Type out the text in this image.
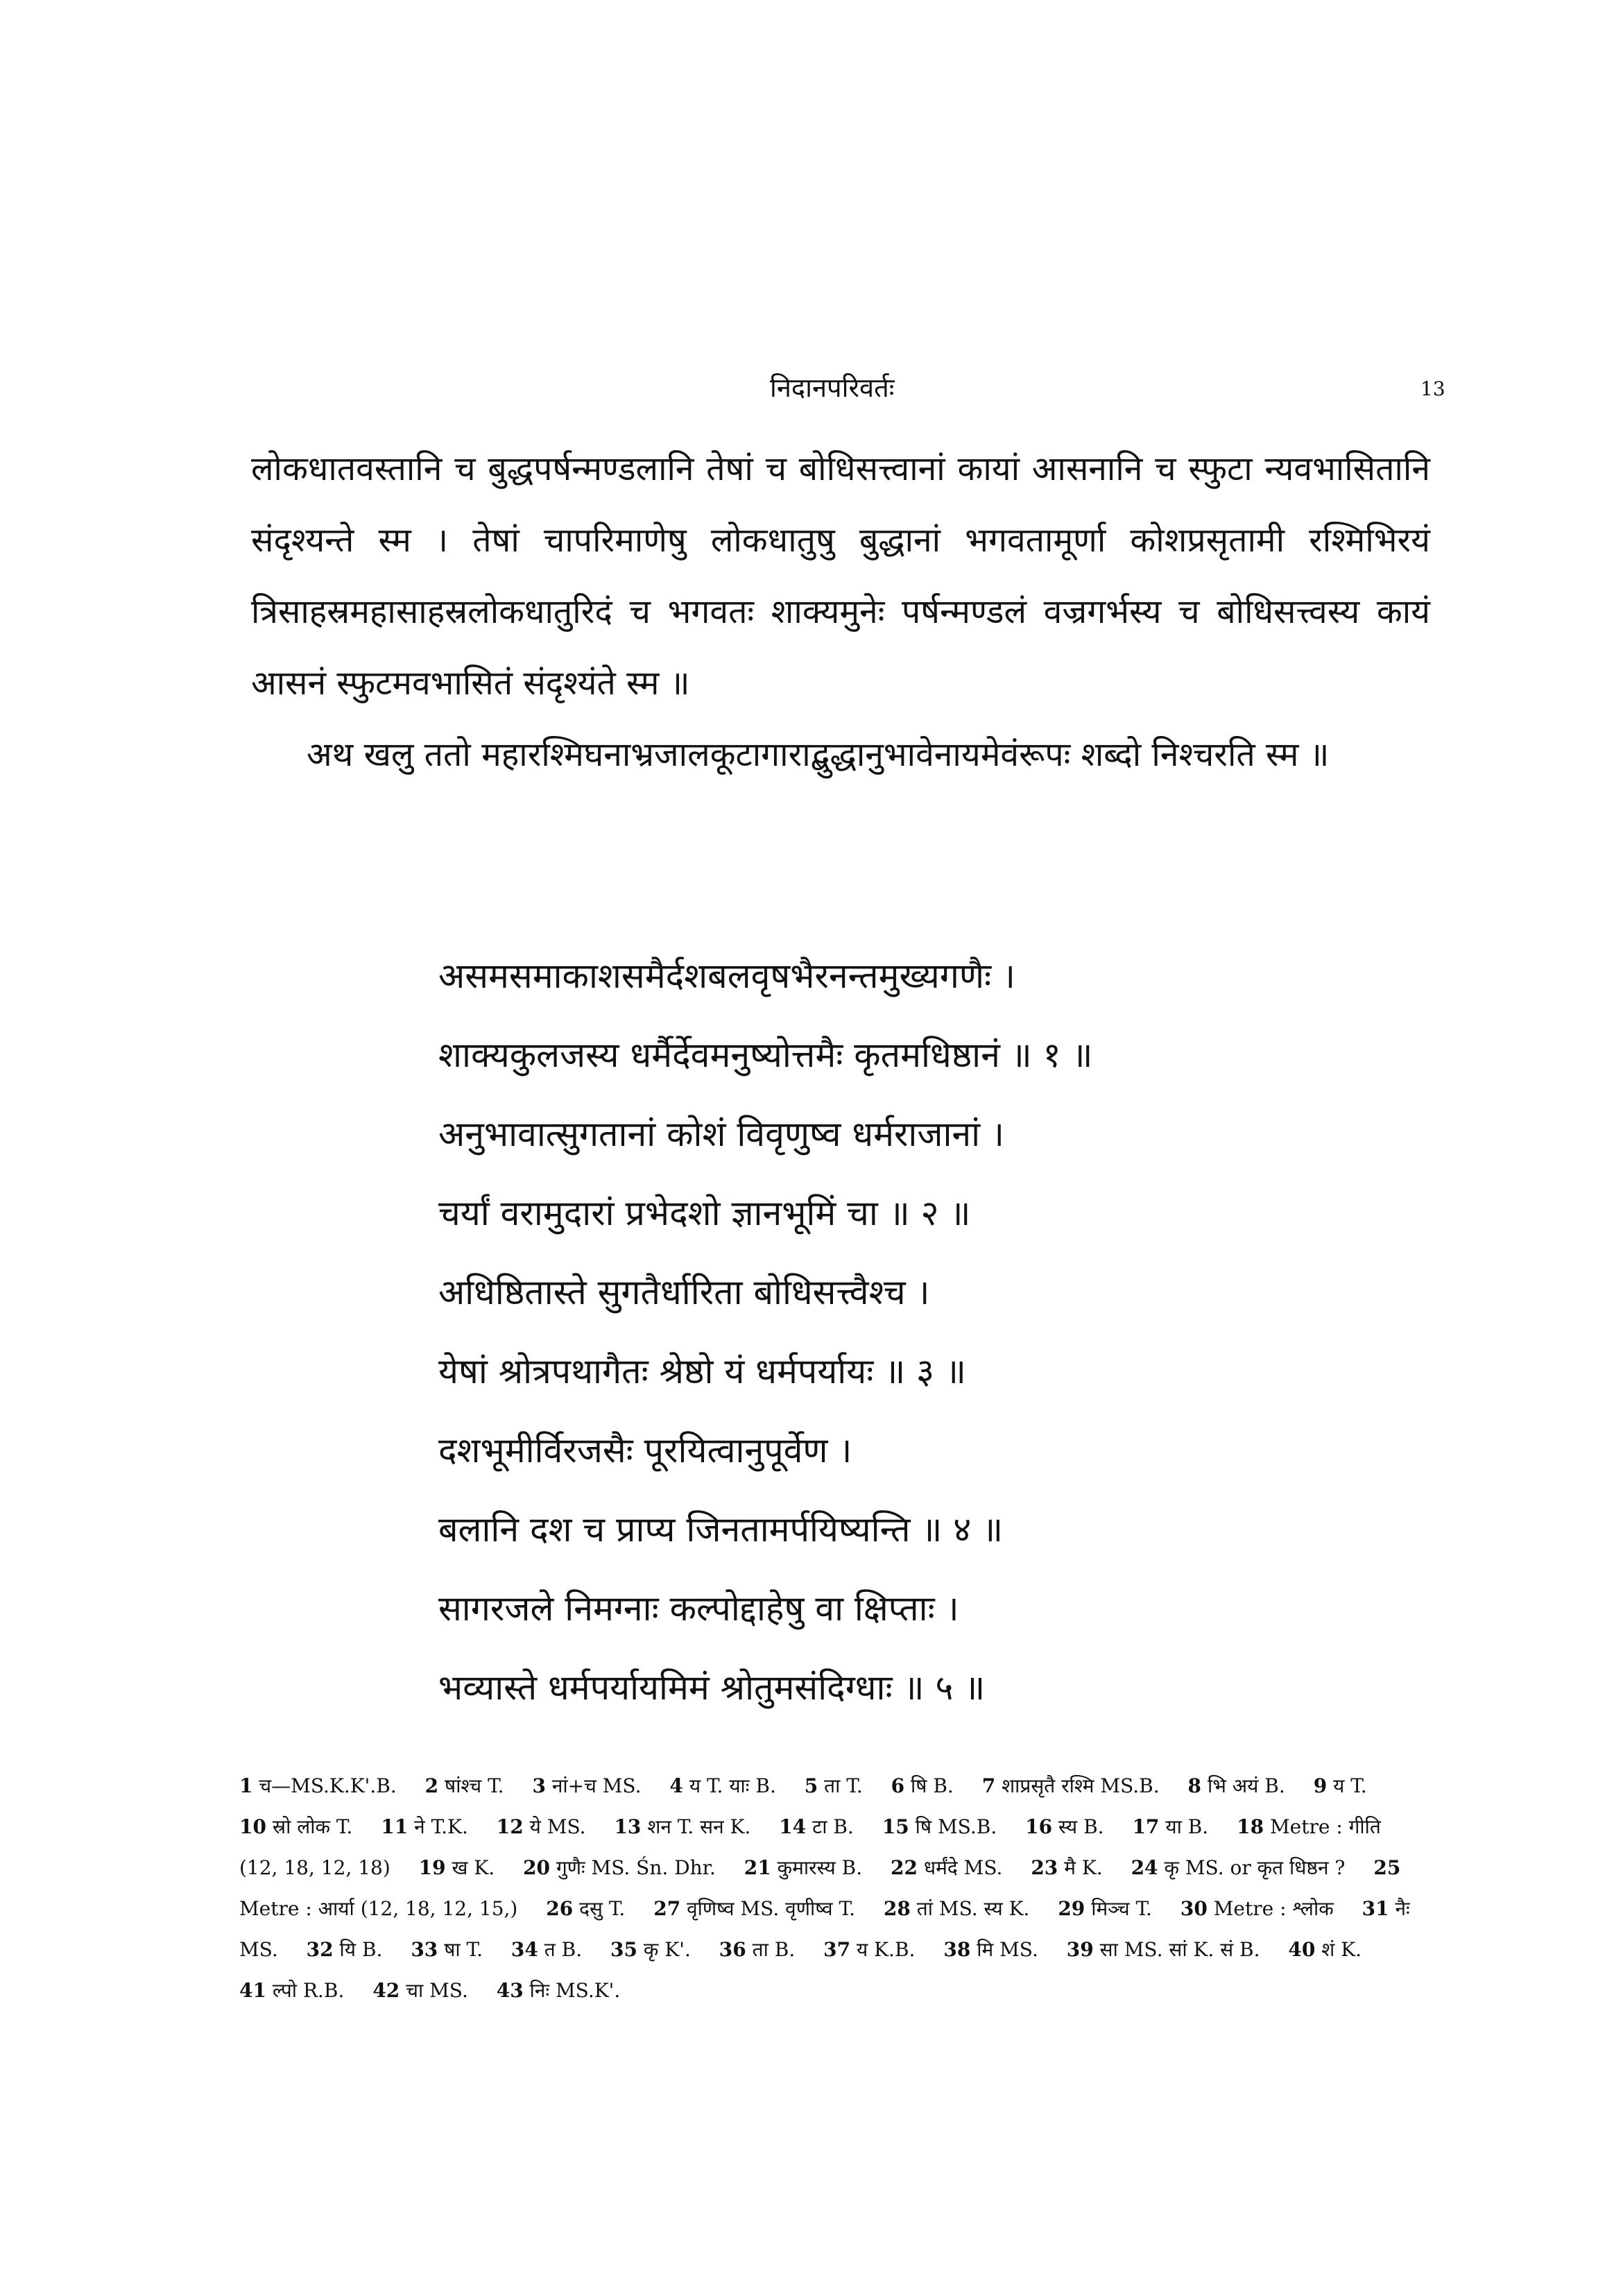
निदानपरिवर्तः	13

लोकधातवस्तानि च बुद्धपर्षन्मण्डलानि तेषां च बोधिसत्त्वानां कायां आसनानि च स्फुटा न्यवभासितानि संदृश्यन्ते स्म । तेषां चापरिमाणेषु लोकधातुषु बुद्धानां भगवतामूर्णा कोशप्रसृतामी रश्मिभिरयं त्रिसाहस्रमहासाहस्रलोकधातुरिदं च भगवतः शाक्यमुनेः पर्षन्मण्डलं वज्रगर्भस्य च बोधिसत्त्वस्य कायं आसनं स्फुटमवभासितं संदृश्यंते स्म ॥

अथ खलु ततो महारश्मिघनाभ्रजालकूटागाराद्बुद्धानुभावेनायमेवंरूपः शब्दो निश्चरति स्म ॥

असमसमाकाशसमैर्दशबलवृषभैरनन्तमुख्यगणैः ।
शाक्यकुलजस्य धर्मैर्देवमनुष्योत्तमैः कृतमधिष्ठानं ॥ १ ॥
अनुभावात्सुगतानां कोशं विवृणुष्व धर्मराजानां ।
चर्यां वरामुदारां प्रभेदशो ज्ञानभूमिं चा ॥ २ ॥
अधिष्ठितास्ते सुगतैर्धारिता बोधिसत्त्वैश्च ।
येषां श्रोत्रपथागैतः श्रेष्ठो यं धर्मपर्यायः ॥ ३ ॥
दशभूमीर्विरजसैः पूरयित्वानुपूर्वेण ।
बलानि दश च प्राप्य जिनतामर्पयिष्यन्ति ॥ ४ ॥
सागरजले निमग्नाः कल्पोद्दाहेषु वा क्षिप्ताः ।
भव्यास्ते धर्मपर्यायमिमं श्रोतुमसंदिग्धाः ॥ ५ ॥
1 च—MS.K.K'.B. 2 षांश्च T. 3 नां+च MS. 4 य T. याः B. 5 ता T. 6 षि B. 7 शाप्रसृतै रश्मि MS.B. 8 भि अयं B. 9 य T. 10 स्रो लोक T. 11 ने T.K. 12 ये MS. 13 शन T. सन K. 14 टा B. 15 षि MS.B. 16 स्य B. 17 या B. 18 Metre : गीति (12, 18, 12, 18) 19 ख K. 20 गुणैः MS. Śn. Dhr. 21 कुमारस्य B. 22 धर्मंदे MS. 23 मै K. 24 कृ MS. or कृत धिष्ठन ? 25 Metre : आर्या (12, 18, 12, 15,) 26 दसु T. 27 वृणिष्व MS. वृणीष्व T. 28 तां MS. स्य K. 29 मिञ्च T. 30 Metre : श्लोक 31 नैः MS. 32 यि B. 33 षा T. 34 त B. 35 कृ K'. 36 ता B. 37 य K.B. 38 मि MS. 39 सा MS. सां K. सं B. 40 शं K. 41 ल्पो R.B. 42 चा MS. 43 निः MS.K'.
